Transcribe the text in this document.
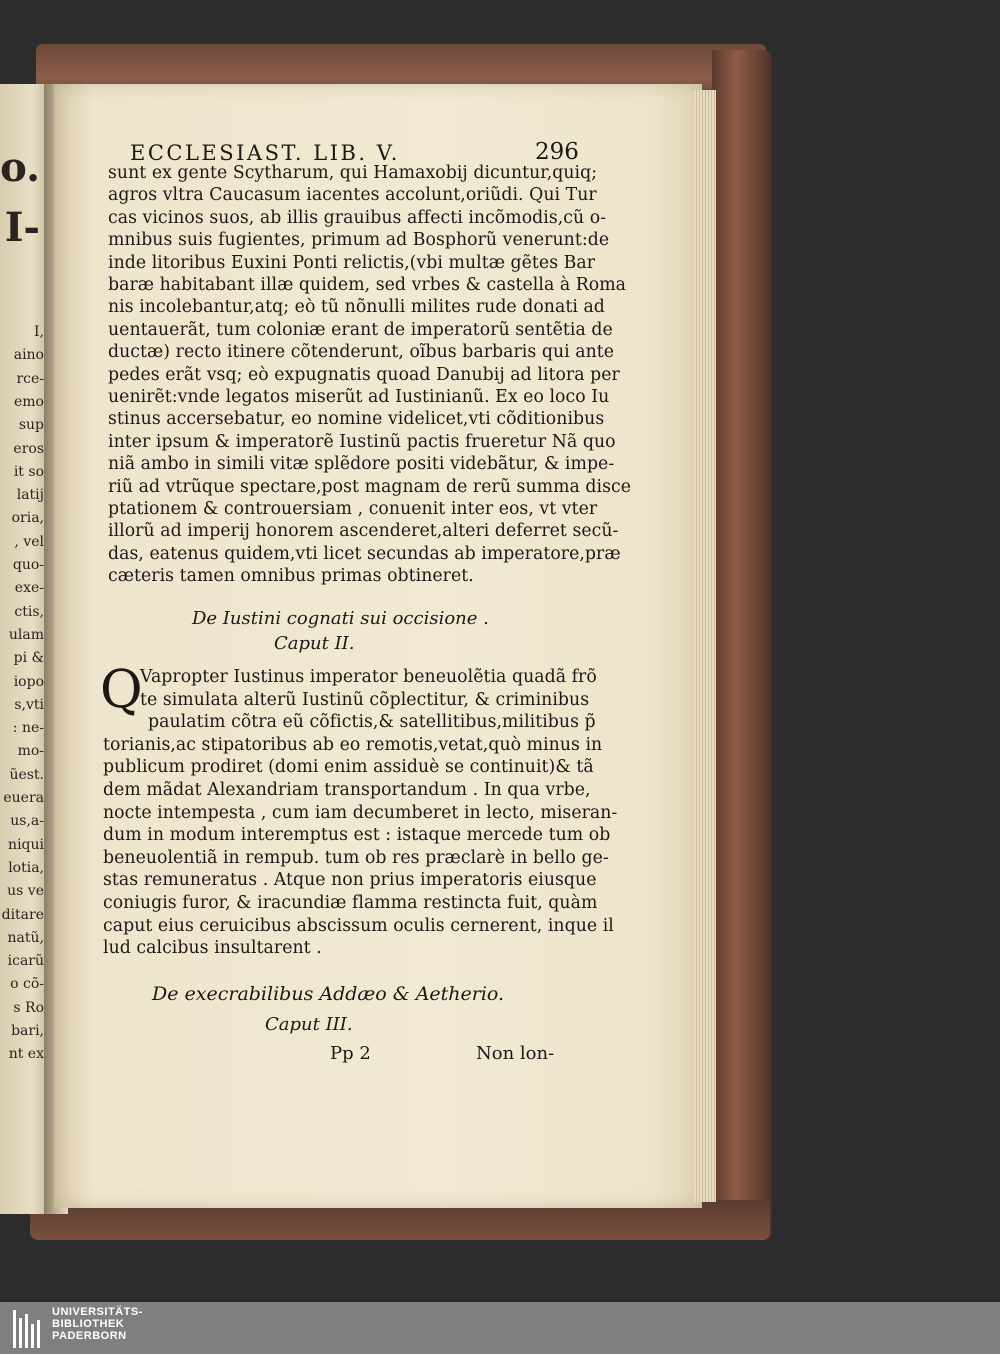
o.
I-
I,
aino
rce-
emo
sup
eros
it so
latij
oria,
, vel
quo-
exe-
ctis,
ulam
pi &
iopo
s,vti
: ne-
mo-
ũest.
euera
us,a-
niqui
lotia,
us ve
ditare
natũ,
icarũ
o cõ-
s Ro
bari,
nt ex
ECCLESIAST. LIB. V.	296
sunt ex gente Scytharum, qui Hamaxobij dicuntur,quiq;
agros vltra Caucasum iacentes accolunt,oriũdi. Qui Tur
cas vicinos suos, ab illis grauibus affecti incõmodis,cũ o-
mnibus suis fugientes, primum ad Bosphorũ venerunt:de
inde litoribus Euxini Ponti relictis,(vbi multæ gẽtes Bar
baræ habitabant illæ quidem, sed vrbes & castella à Roma
nis incolebantur,atq; eò tũ nõnulli milites rude donati ad
uentauerãt, tum coloniæ erant de imperatorũ sentẽtia de
ductæ) recto itinere cõtenderunt, oĩbus barbaris qui ante
pedes erãt vsq; eò expugnatis quoad Danubij ad litora per
uenirẽt:vnde legatos miserũt ad Iustinianũ. Ex eo loco Iu
stinus accersebatur, eo nomine videlicet,vti cõditionibus
inter ipsum & imperatorẽ Iustinũ pactis frueretur Nã quo
niã ambo in simili vitæ splẽdore positi videbãtur, & impe-
riũ ad vtrũque spectare,post magnam de rerũ summa disce
ptationem & controuersiam , conuenit inter eos, vt vter
illorũ ad imperij honorem ascenderet,alteri deferret secũ-
das, eatenus quidem,vti licet secundas ab imperatore,præ
cæteris tamen omnibus primas obtineret.
De Iustini cognati sui occisione .
Caput II.
Q
Vapropter Iustinus imperator beneuolẽtia quadã frõ
te simulata alterũ Iustinũ cõplectitur, & criminibus
paulatim cõtra eũ cõfictis,& satellitibus,militibus p̃
torianis,ac stipatoribus ab eo remotis,vetat,quò minus in
publicum prodiret (domi enim assiduè se continuit)& tã
dem mãdat Alexandriam transportandum . In qua vrbe,
nocte intempesta , cum iam decumberet in lecto, miseran-
dum in modum interemptus est : istaque mercede tum ob
beneuolentiã in rempub. tum ob res præclarè in bello ge-
stas remuneratus . Atque non prius imperatoris eiusque
coniugis furor, & iracundiæ flamma restincta fuit, quàm
caput eius ceruicibus abscissum oculis cernerent, inque il
lud calcibus insultarent .
De execrabilibus Addæo & Aetherio.
Caput III.
Pp 2	Non lon-
UNIVERSITÄTS-
BIBLIOTHEK
PADERBORN
